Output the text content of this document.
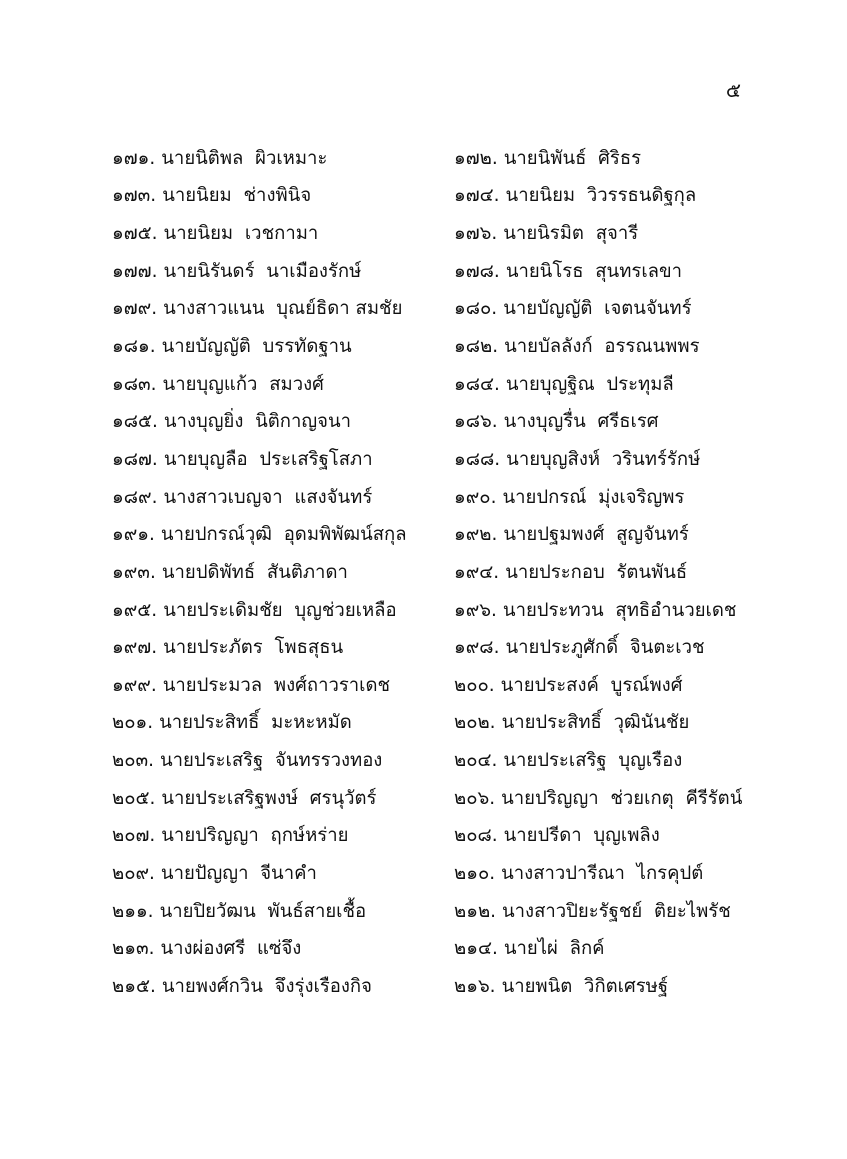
๕
๑๗๑. นายนิติพล  ผิวเหมาะ	๑๗๒. นายนิพันธ์  ศิริธร
๑๗๓. นายนิยม  ช่างพินิจ	๑๗๔. นายนิยม  วิวรรธนดิฐกุล
๑๗๕. นายนิยม  เวชกามา	๑๗๖. นายนิรมิต  สุจารี
๑๗๗. นายนิรันดร์  นาเมืองรักษ์	๑๗๘. นายนิโรธ  สุนทรเลขา
๑๗๙. นางสาวแนน  บุณย์ธิดา สมชัย	๑๘๐. นายบัญญัติ  เจตนจันทร์
๑๘๑. นายบัญญัติ  บรรทัดฐาน	๑๘๒. นายบัลลังก์  อรรณนพพร
๑๘๓. นายบุญแก้ว  สมวงศ์	๑๘๔. นายบุญฐิณ  ประทุมลี
๑๘๕. นางบุญยิ่ง  นิติกาญจนา	๑๘๖. นางบุญรื่น  ศรีธเรศ
๑๘๗. นายบุญลือ  ประเสริฐโสภา	๑๘๘. นายบุญสิงห์  วรินทร์รักษ์
๑๘๙. นางสาวเบญจา  แสงจันทร์	๑๙๐. นายปกรณ์  มุ่งเจริญพร
๑๙๑. นายปกรณ์วุฒิ  อุดมพิพัฒน์สกุล	๑๙๒. นายปฐมพงศ์  สูญจันทร์
๑๙๓. นายปดิพัทธ์  สันติภาดา	๑๙๔. นายประกอบ  รัตนพันธ์
๑๙๕. นายประเดิมชัย  บุญช่วยเหลือ	๑๙๖. นายประทวน  สุทธิอำนวยเดช
๑๙๗. นายประภัตร  โพธสุธน	๑๙๘. นายประภูศักดิ์  จินตะเวช
๑๙๙. นายประมวล  พงศ์ถาวราเดช	๒๐๐. นายประสงค์  บูรณ์พงศ์
๒๐๑. นายประสิทธิ์  มะหะหมัด	๒๐๒. นายประสิทธิ์  วุฒินันชัย
๒๐๓. นายประเสริฐ  จันทรรวงทอง	๒๐๔. นายประเสริฐ  บุญเรือง
๒๐๕. นายประเสริฐพงษ์  ศรนุวัตร์	๒๐๖. นายปริญญา  ช่วยเกตุ  คีรีรัตน์
๒๐๗. นายปริญญา  ฤกษ์หร่าย	๒๐๘. นายปรีดา  บุญเพลิง
๒๐๙. นายปัญญา  จีนาคำ	๒๑๐. นางสาวปารีณา  ไกรคุปต์
๒๑๑. นายปิยวัฒน  พันธ์สายเชื้อ	๒๑๒. นางสาวปิยะรัฐชย์  ติยะไพรัช
๒๑๓. นางผ่องศรี  แซ่จึง	๒๑๔. นายไผ่  ลิกค์
๒๑๕. นายพงศ์กวิน  จึงรุ่งเรืองกิจ	๒๑๖. นายพนิต  วิกิตเศรษฐ์
